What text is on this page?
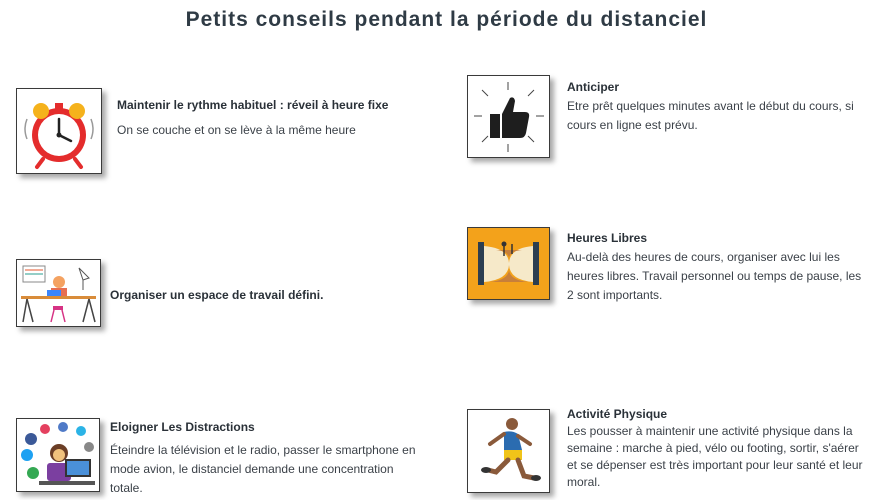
Petits conseils pendant la période du distanciel
Maintenir le rythme habituel : réveil à heure fixe
On se couche et on se lève à la même heure
Anticiper
Etre prêt quelques minutes avant le début du cours, si cours en ligne est prévu.
Organiser un espace de travail défini.
Heures Libres
Au-delà des heures de cours, organiser avec lui les heures libres. Travail personnel ou temps de pause, les 2 sont importants.
Eloigner Les Distractions
Éteindre la télévision et le radio, passer le smartphone en mode avion, le distanciel demande une concentration totale.
Activité Physique
Les pousser à maintenir une activité physique dans la semaine : marche à pied, vélo ou footing, sortir, s'aérer et se dépenser est très important pour leur santé et leur moral.
